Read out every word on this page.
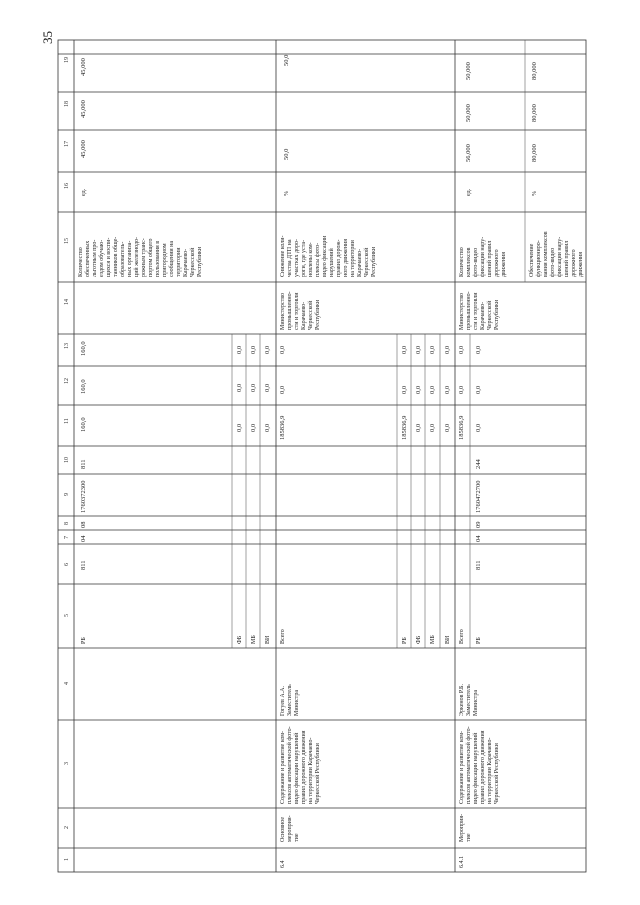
35
19
18
17
16
15
14
13
12
11
10
9
8
7
6
5
4
3
2
1
45,000
45,000
45,000
ед.
Количество обеспеченных льготным про- ездом обучаю- щихся и воспи- танников обще- образователь- ных организа- ций железнодо- рожным транс- портом общего пользования в пригородном сообщении на территории Карачаево- Черкесской Республики
160,0
160,0
160,0
811
1760372300
08
04
811
РБ	ФБ МБ ВИ
0,0
0,0
0,0
0,0
0,0
0,0
0,0
0,0
0,0
6.4
Основное мероприя- тие
Содержание и развитие ком- плексов автоматической фото- видео фиксации нарушений правил дорожного движения на территории Карачаево- Черкесской Республики
Гогуев А.А. Заместитель Министра
Всего	РБ ФБ МБ ВИ
185836,9
0,0
0,0
185836,9
0,0
0,0
0,0
0,0
0,0
0,0
0,0
0,0
0,0
0,0
0,0
Министерство промышленно- сти и торговли Карачаево- Черкесской Республики
Снижение коли- чества ДТП на участках доро- роги, где уста- новлены ком- плексы фото- видео фиксации нарушений правил дорож- ного движения на территории Карачаево- Черкесской Республики
%
50,0
50,0
6.4.1
Мероприя- тие
Содержание и развитие ком- плексов автоматической фото- видео фиксации нарушений правил дорожного движения на территории Карачаево- Черкесской Республики
Эркенов Р.Б. Заместитель Министра
Всего РБ
811
04
09
1760472700
244
185836,9
0,0
0,0
0,0
0,0
0,0
Министерство промышленно- сти и торговли Карачаево- Черкесской Республики
Количество комплексов фото-видео фиксации нару- шений правил дорожного движения
ед.
56,000
50,000
50,000
Обеспечение функциониро- вания комплексов фото-видео фиксации нару- шений правил дорожного движения
%
80,000
80,000
80,000
